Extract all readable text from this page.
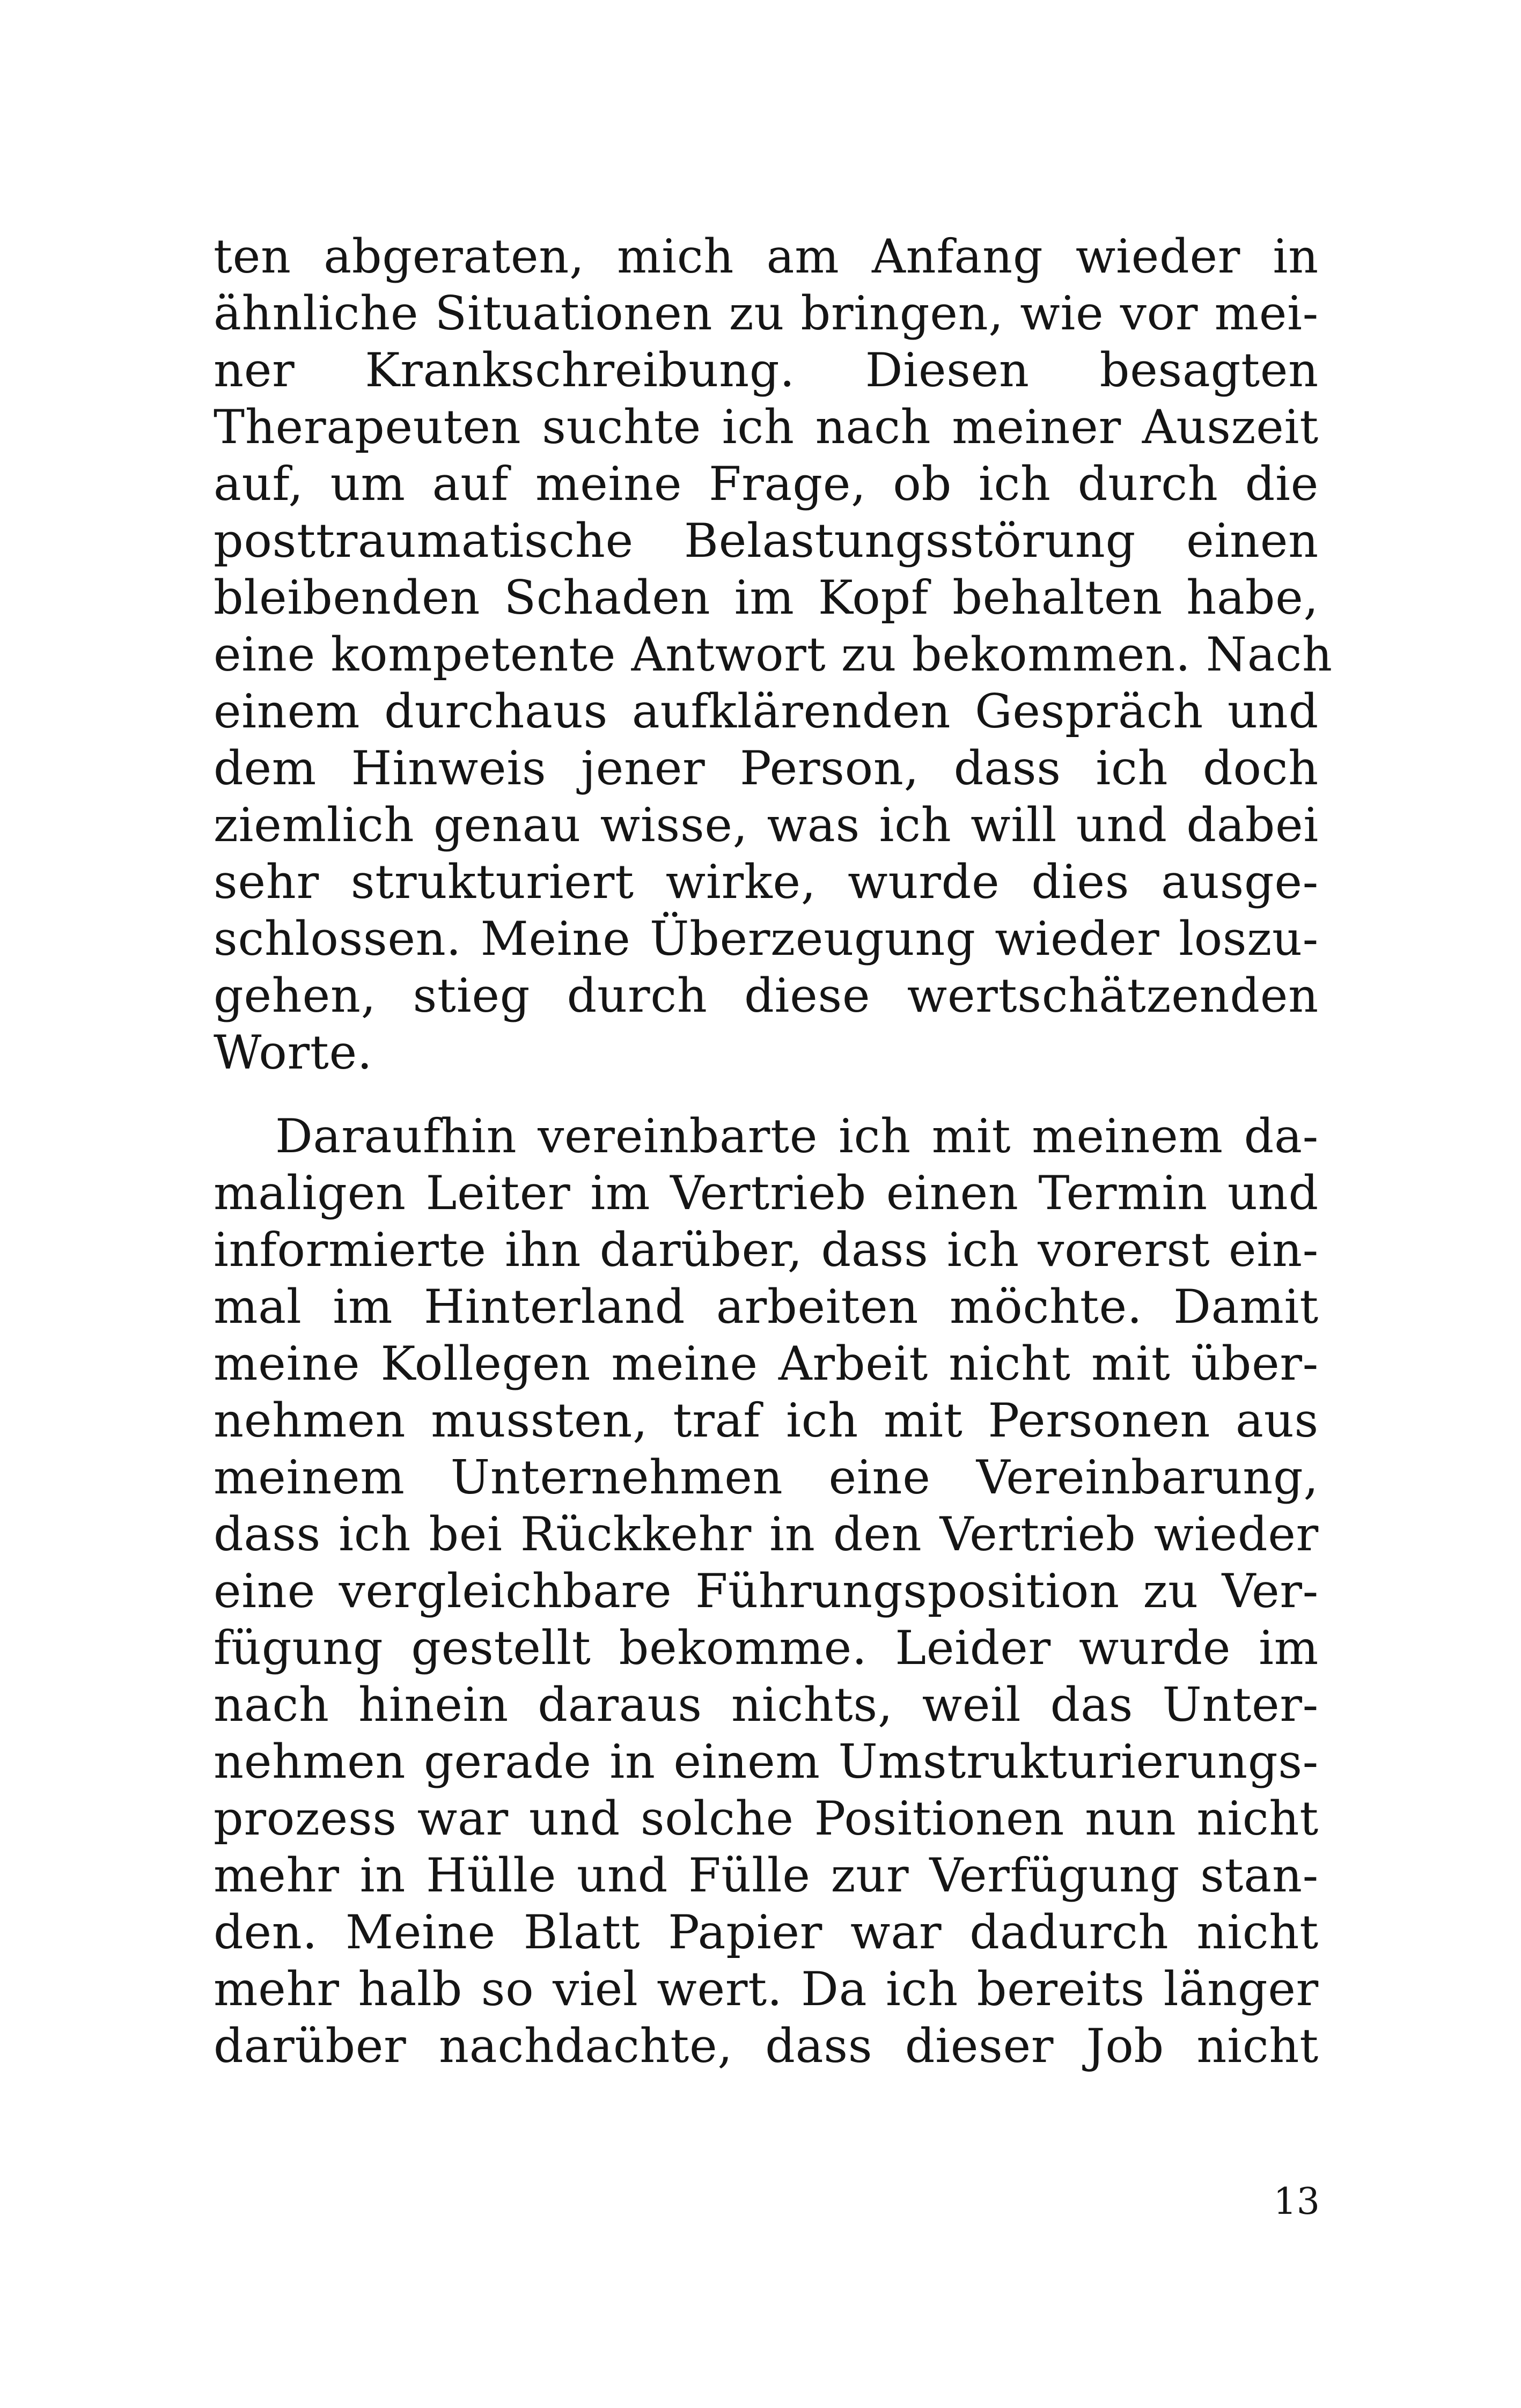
ten abgeraten, mich am Anfang wieder in
ähnliche Situationen zu bringen, wie vor mei-
ner Krankschreibung. Diesen besagten
Therapeuten suchte ich nach meiner Auszeit
auf, um auf meine Frage, ob ich durch die
posttraumatische Belastungsstörung einen
bleibenden Schaden im Kopf behalten habe,
eine kompetente Antwort zu bekommen. Nach
einem durchaus aufklärenden Gespräch und
dem Hinweis jener Person, dass ich doch
ziemlich genau wisse, was ich will und dabei
sehr strukturiert wirke, wurde dies ausge-
schlossen. Meine Überzeugung wieder loszu-
gehen, stieg durch diese wertschätzenden
Worte.
Daraufhin vereinbarte ich mit meinem da-
maligen Leiter im Vertrieb einen Termin und
informierte ihn darüber, dass ich vorerst ein-
mal im Hinterland arbeiten möchte. Damit
meine Kollegen meine Arbeit nicht mit über-
nehmen mussten, traf ich mit Personen aus
meinem Unternehmen eine Vereinbarung,
dass ich bei Rückkehr in den Vertrieb wieder
eine vergleichbare Führungsposition zu Ver-
fügung gestellt bekomme. Leider wurde im
nach hinein daraus nichts, weil das Unter-
nehmen gerade in einem Umstrukturierungs-
prozess war und solche Positionen nun nicht
mehr in Hülle und Fülle zur Verfügung stan-
den. Meine Blatt Papier war dadurch nicht
mehr halb so viel wert. Da ich bereits länger
darüber nachdachte, dass dieser Job nicht
13
